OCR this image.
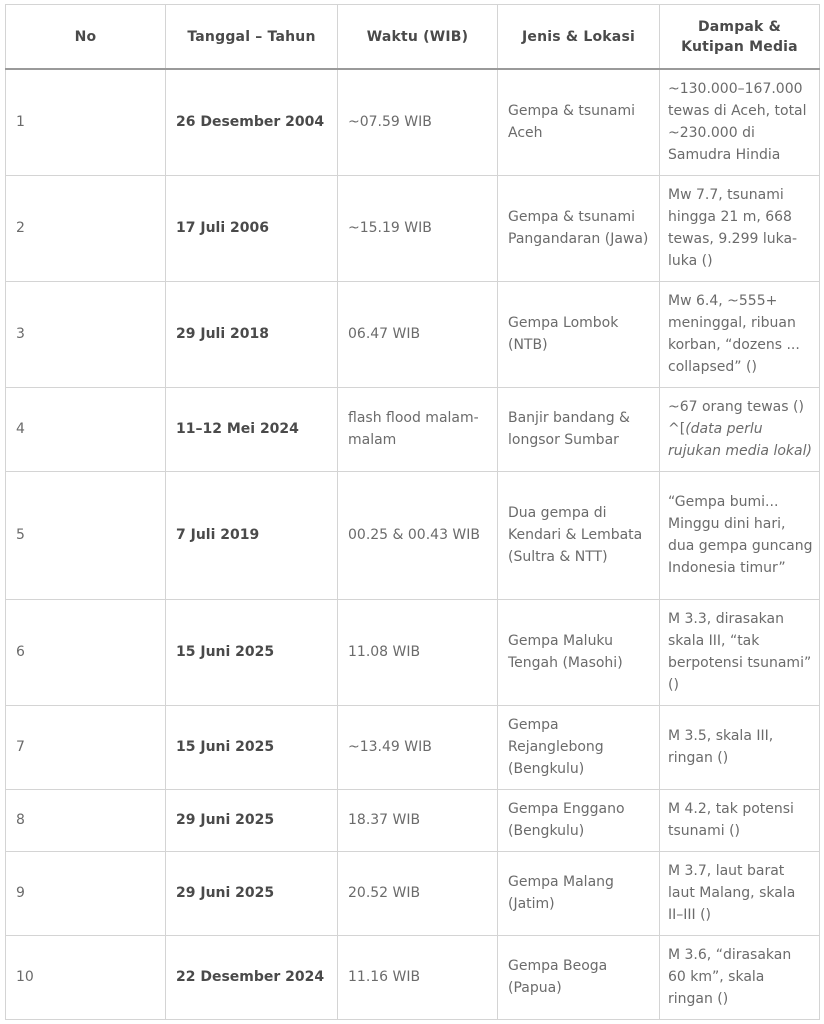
No	Tanggal – Tahun	Waktu (WIB)	Jenis & Lokasi	Dampak & Kutipan Media
1	26 Desember 2004	~07.59 WIB	Gempa & tsunami Aceh	~130.000–167.000 tewas di Aceh, total ~230.000 di Samudra Hindia
2	17 Juli 2006	~15.19 WIB	Gempa & tsunami Pangandaran (Jawa)	Mw 7.7, tsunami hingga 21 m, 668 tewas, 9.299 luka-luka ()
3	29 Juli 2018	06.47 WIB	Gempa Lombok (NTB)	Mw 6.4, ~555+ meninggal, ribuan korban, “dozens ... collapsed” ()
4	11–12 Mei 2024	flash flood malam-malam	Banjir bandang & longsor Sumbar	~67 orang tewas () ^[(data perlu rujukan media lokal)
5	7 Juli 2019	00.25 & 00.43 WIB	Dua gempa di Kendari & Lembata (Sultra & NTT)	“Gempa bumi... Minggu dini hari, dua gempa guncang Indonesia timur”
6	15 Juni 2025	11.08 WIB	Gempa Maluku Tengah (Masohi)	M 3.3, dirasakan skala III, “tak berpotensi tsunami” ()
7	15 Juni 2025	~13.49 WIB	Gempa Rejanglebong (Bengkulu)	M 3.5, skala III, ringan ()
8	29 Juni 2025	18.37 WIB	Gempa Enggano (Bengkulu)	M 4.2, tak potensi tsunami ()
9	29 Juni 2025	20.52 WIB	Gempa Malang (Jatim)	M 3.7, laut barat laut Malang, skala II–III ()
10	22 Desember 2024	11.16 WIB	Gempa Beoga (Papua)	M 3.6, “dirasakan 60 km”, skala ringan ()
